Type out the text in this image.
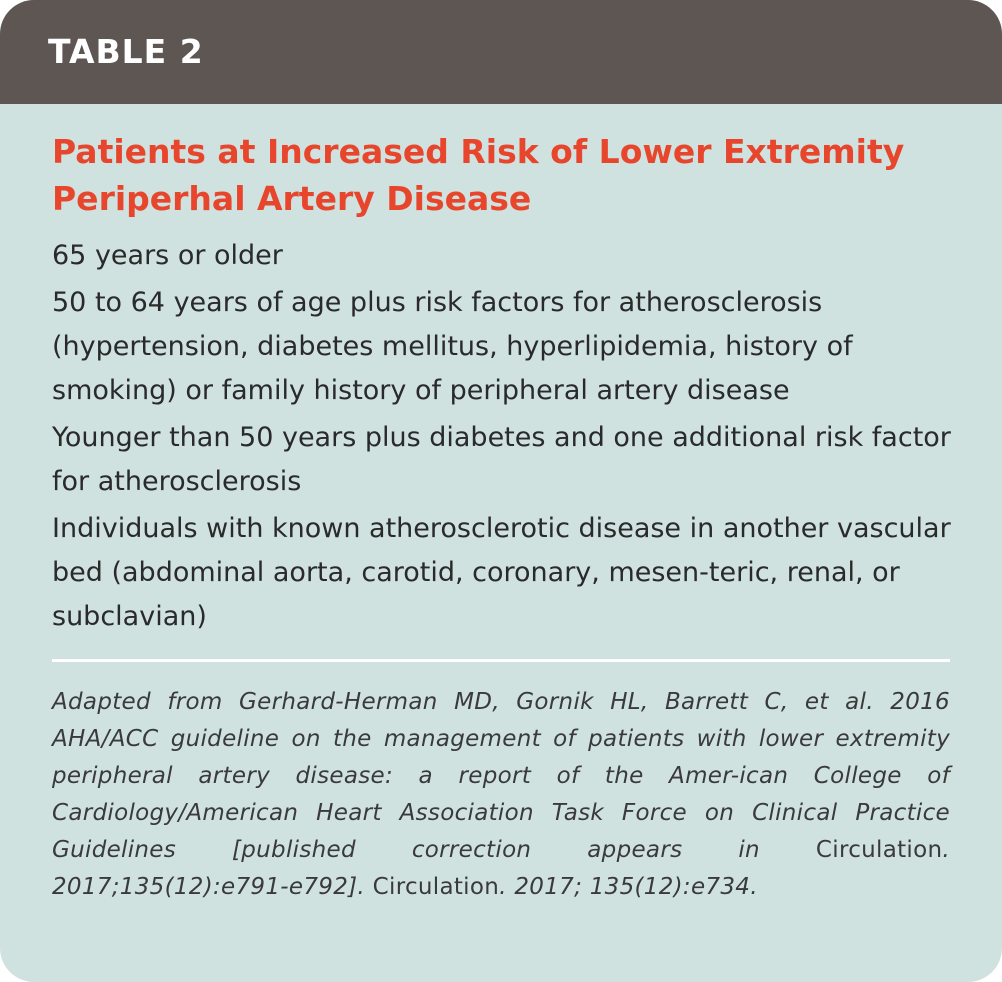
TABLE 2
Patients at Increased Risk of Lower Extremity Periperhal Artery Disease
65 years or older
50 to 64 years of age plus risk factors for atherosclerosis (hypertension, diabetes mellitus, hyperlipidemia, history of smoking) or family history of peripheral artery disease
Younger than 50 years plus diabetes and one additional risk factor for atherosclerosis
Individuals with known atherosclerotic disease in another vascular bed (abdominal aorta, carotid, coronary, mesen-teric, renal, or subclavian)
Adapted from Gerhard-Herman MD, Gornik HL, Barrett C, et al. 2016 AHA/ACC guideline on the management of patients with lower extremity peripheral artery disease: a report of the Amer-ican College of Cardiology/American Heart Association Task Force on Clinical Practice Guidelines [published correction appears in Circulation. 2017;135(12):e791-e792]. Circulation. 2017; 135(12):e734.
